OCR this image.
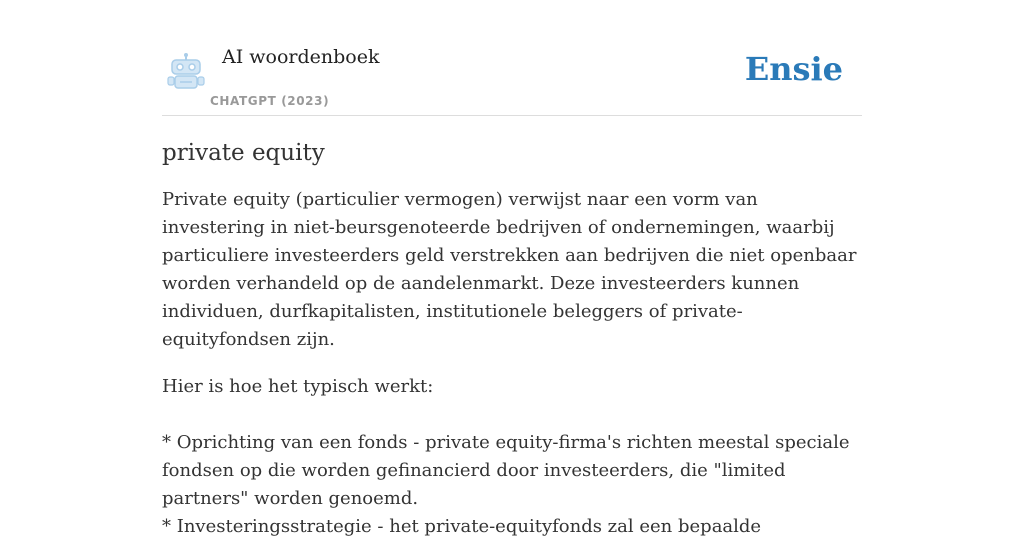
AI woordenboek
CHATGPT (2023)
Ensie
private equity

Private equity (particulier vermogen) verwijst naar een vorm van investering in niet-beursgenoteerde bedrijven of ondernemingen, waarbij particuliere investeerders geld verstrekken aan bedrijven die niet openbaar worden verhandeld op de aandelenmarkt. Deze investeerders kunnen individuen, durfkapitalisten, institutionele beleggers of private-equityfondsen zijn.

Hier is hoe het typisch werkt:

* Oprichting van een fonds - private equity-firma's richten meestal speciale fondsen op die worden gefinancierd door investeerders, die "limited partners" worden genoemd.
* Investeringsstrategie - het private-equityfonds zal een bepaalde
